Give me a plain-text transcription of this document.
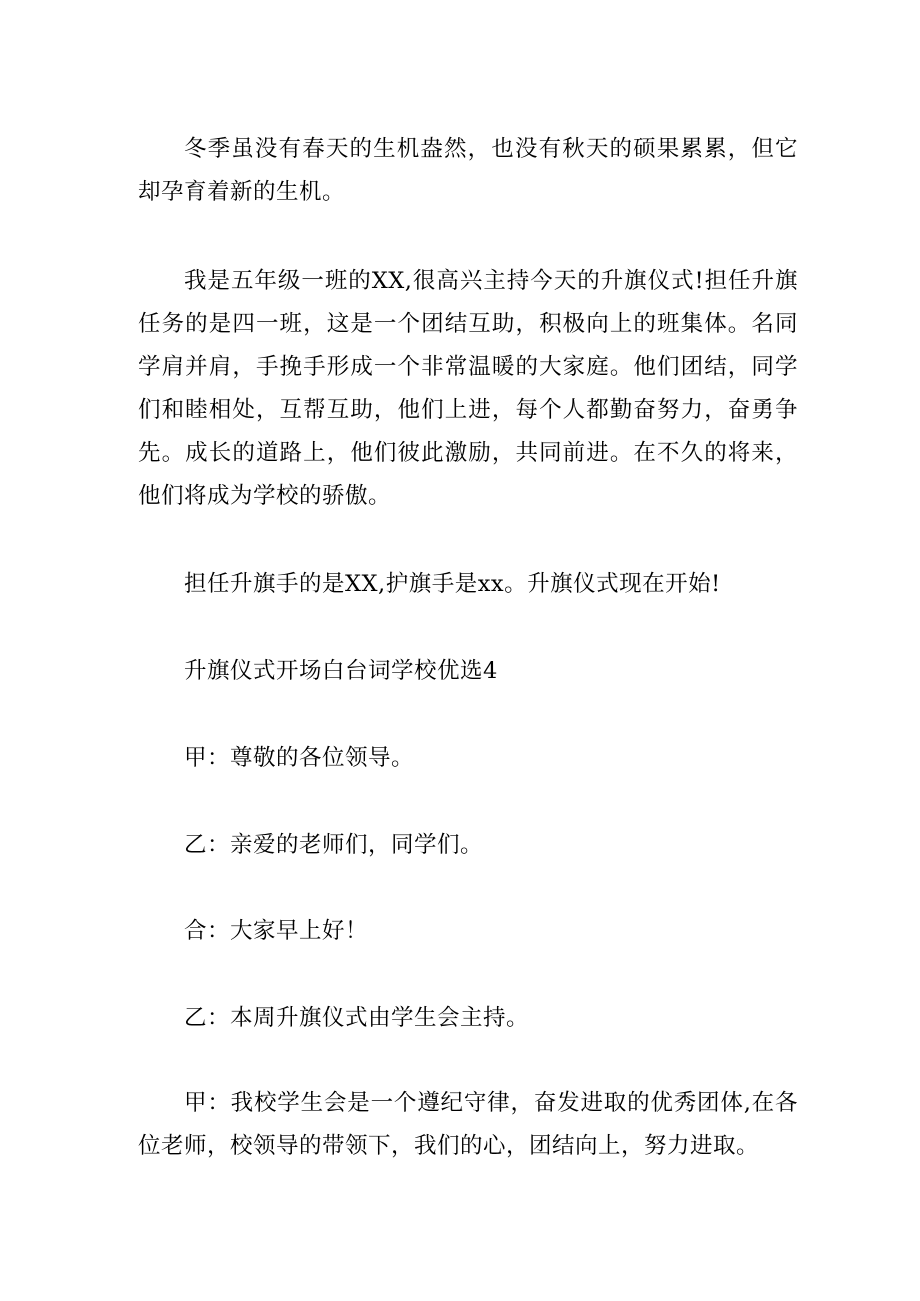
冬季虽没有春天的生机盎然，也没有秋天的硕果累累，但它却孕育着新的生机。

我是五年级一班的XX,很高兴主持今天的升旗仪式!担任升旗任务的是四一班，这是一个团结互助，积极向上的班集体。名同学肩并肩，手挽手形成一个非常温暖的大家庭。他们团结，同学们和睦相处，互帮互助，他们上进，每个人都勤奋努力，奋勇争先。成长的道路上，他们彼此激励，共同前进。在不久的将来，他们将成为学校的骄傲。

担任升旗手的是XX,护旗手是xx。升旗仪式现在开始!

升旗仪式开场白台词学校优选4

甲：尊敬的各位领导。

乙：亲爱的老师们，同学们。

合：大家早上好！

乙：本周升旗仪式由学生会主持。

甲：我校学生会是一个遵纪守律，奋发进取的优秀团体,在各位老师，校领导的带领下，我们的心，团结向上，努力进取。
